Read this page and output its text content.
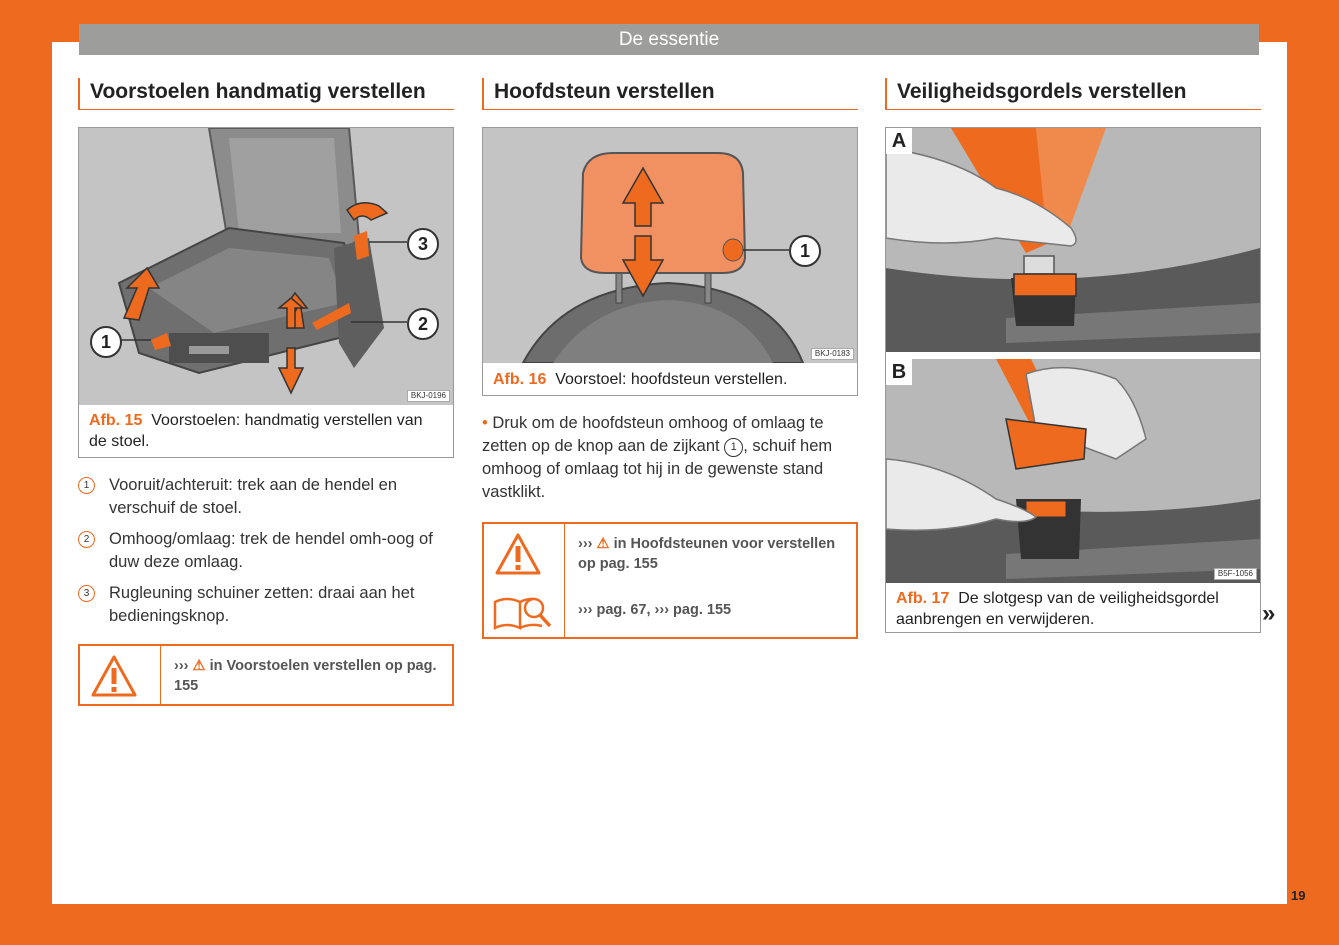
De essentie
Voorstoelen handmatig verstellen
1
2
3
BKJ-0196
Afb. 15 Voorstoelen: handmatig verstellen van de stoel.
1	Vooruit/achteruit: trek aan de hendel en verschuif de stoel.
2	Omhoog/omlaag: trek de hendel omh-oog of duw deze omlaag.
3	Rugleuning schuiner zetten: draai aan het bedieningsknop.
››› ⚠ in Voorstoelen verstellen op pag. 155
Hoofdsteun verstellen
1
BKJ-0183
Afb. 16 Voorstoel: hoofdsteun verstellen.
• Druk om de hoofdsteun omhoog of omlaag te zetten op de knop aan de zijkant 1 , schuif hem omhoog of omlaag tot hij in de gewenste stand vastklikt.
››› ⚠ in Hoofdsteunen voor verstellen op pag. 155
››› pag. 67, ››› pag. 155
Veiligheidsgordels verstellen
A
B
B5F-1056
Afb. 17 De slotgesp van de veiligheidsgordel aanbrengen en verwijderen.	»
19
